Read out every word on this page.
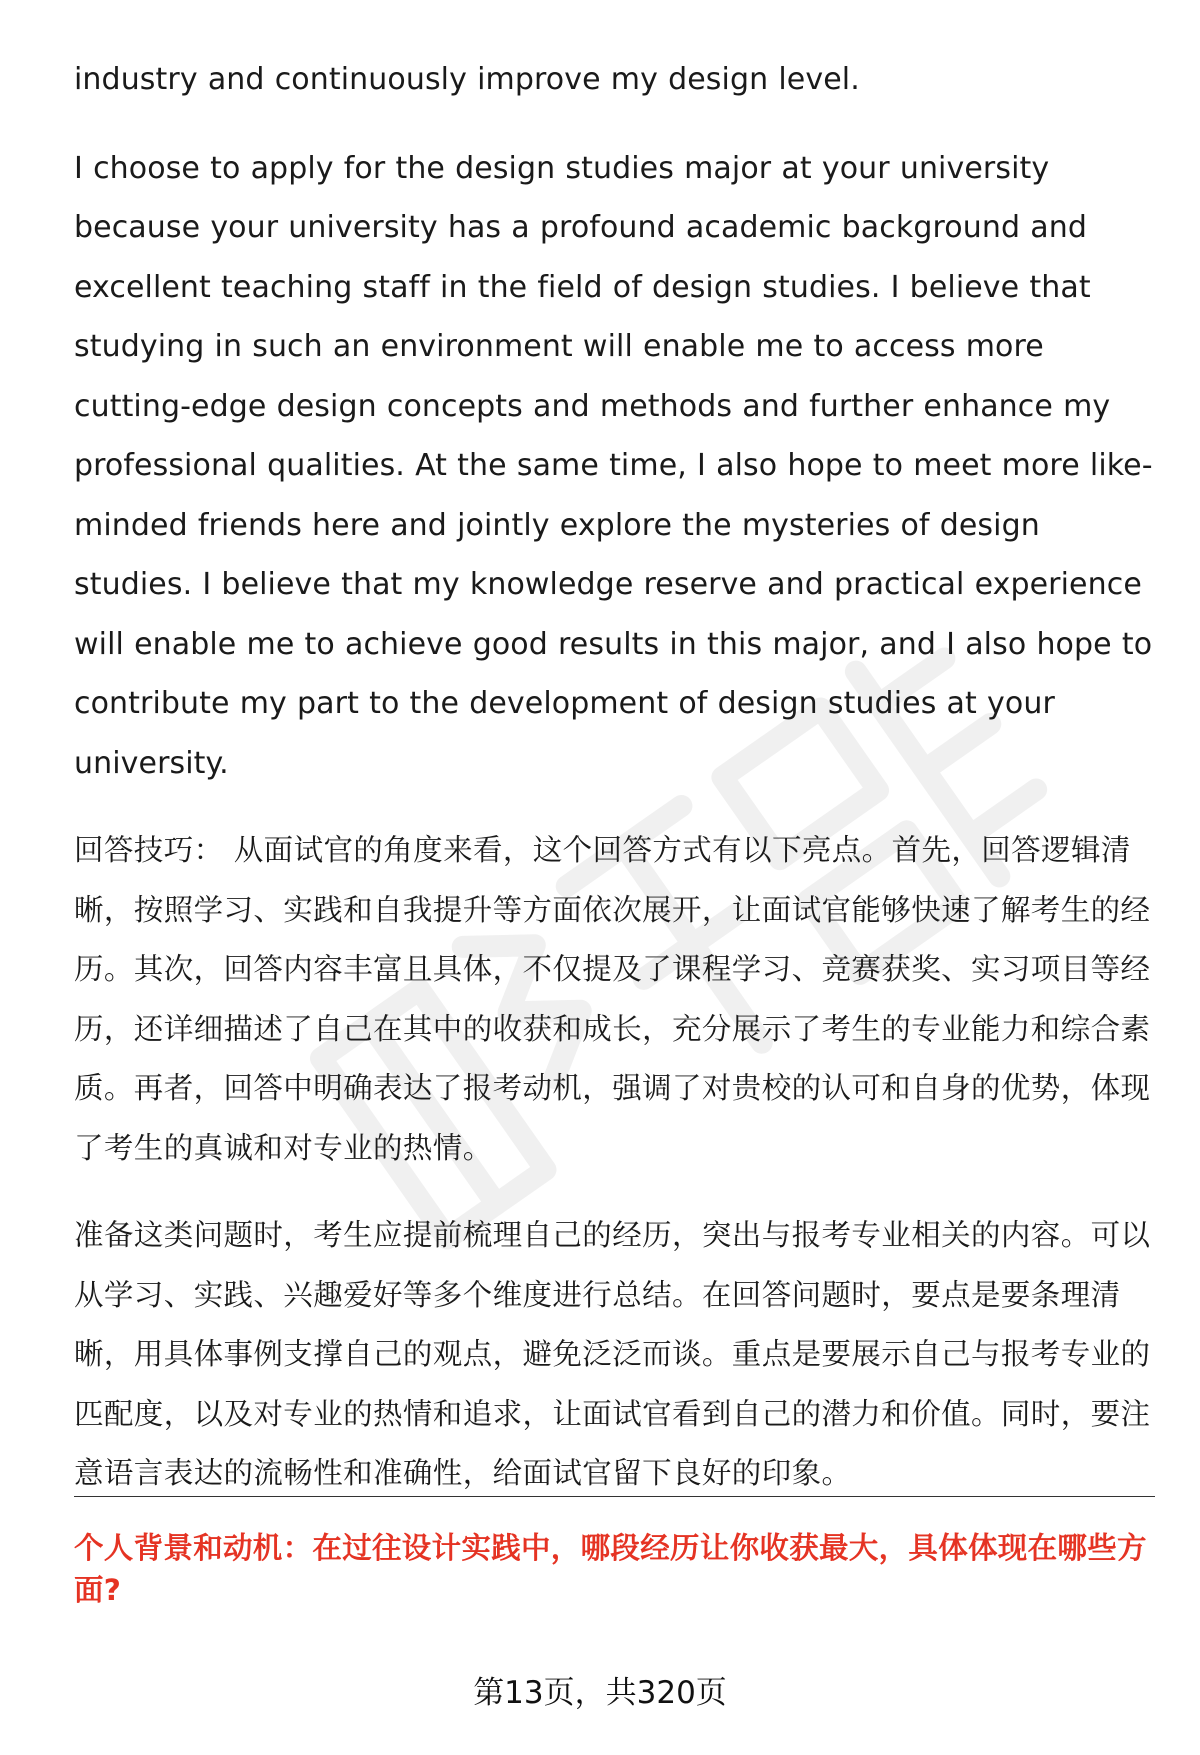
industry and continuously improve my design level.

I choose to apply for the design studies major at your university because your university has a profound academic background and excellent teaching staff in the field of design studies. I believe that studying in such an environment will enable me to access more cutting-edge design concepts and methods and further enhance my professional qualities. At the same time, I also hope to meet more like-minded friends here and jointly explore the mysteries of design studies. I believe that my knowledge reserve and practical experience will enable me to achieve good results in this major, and I also hope to contribute my part to the development of design studies at your university.

回答技巧： 从面试官的角度来看，这个回答方式有以下亮点。首先，回答逻辑清晰，按照学习、实践和自我提升等方面依次展开，让面试官能够快速了解考生的经历。其次，回答内容丰富且具体，不仅提及了课程学习、竞赛获奖、实习项目等经历，还详细描述了自己在其中的收获和成长，充分展示了考生的专业能力和综合素质。再者，回答中明确表达了报考动机，强调了对贵校的认可和自身的优势，体现了考生的真诚和对专业的热情。

准备这类问题时，考生应提前梳理自己的经历，突出与报考专业相关的内容。可以从学习、实践、兴趣爱好等多个维度进行总结。在回答问题时，要点是要条理清晰，用具体事例支撑自己的观点，避免泛泛而谈。重点是要展示自己与报考专业的匹配度，以及对专业的热情和追求，让面试官看到自己的潜力和价值。同时，要注意语言表达的流畅性和准确性，给面试官留下良好的印象。

个人背景和动机：在过往设计实践中，哪段经历让你收获最大，具体体现在哪些方面?

第13页，共320页
